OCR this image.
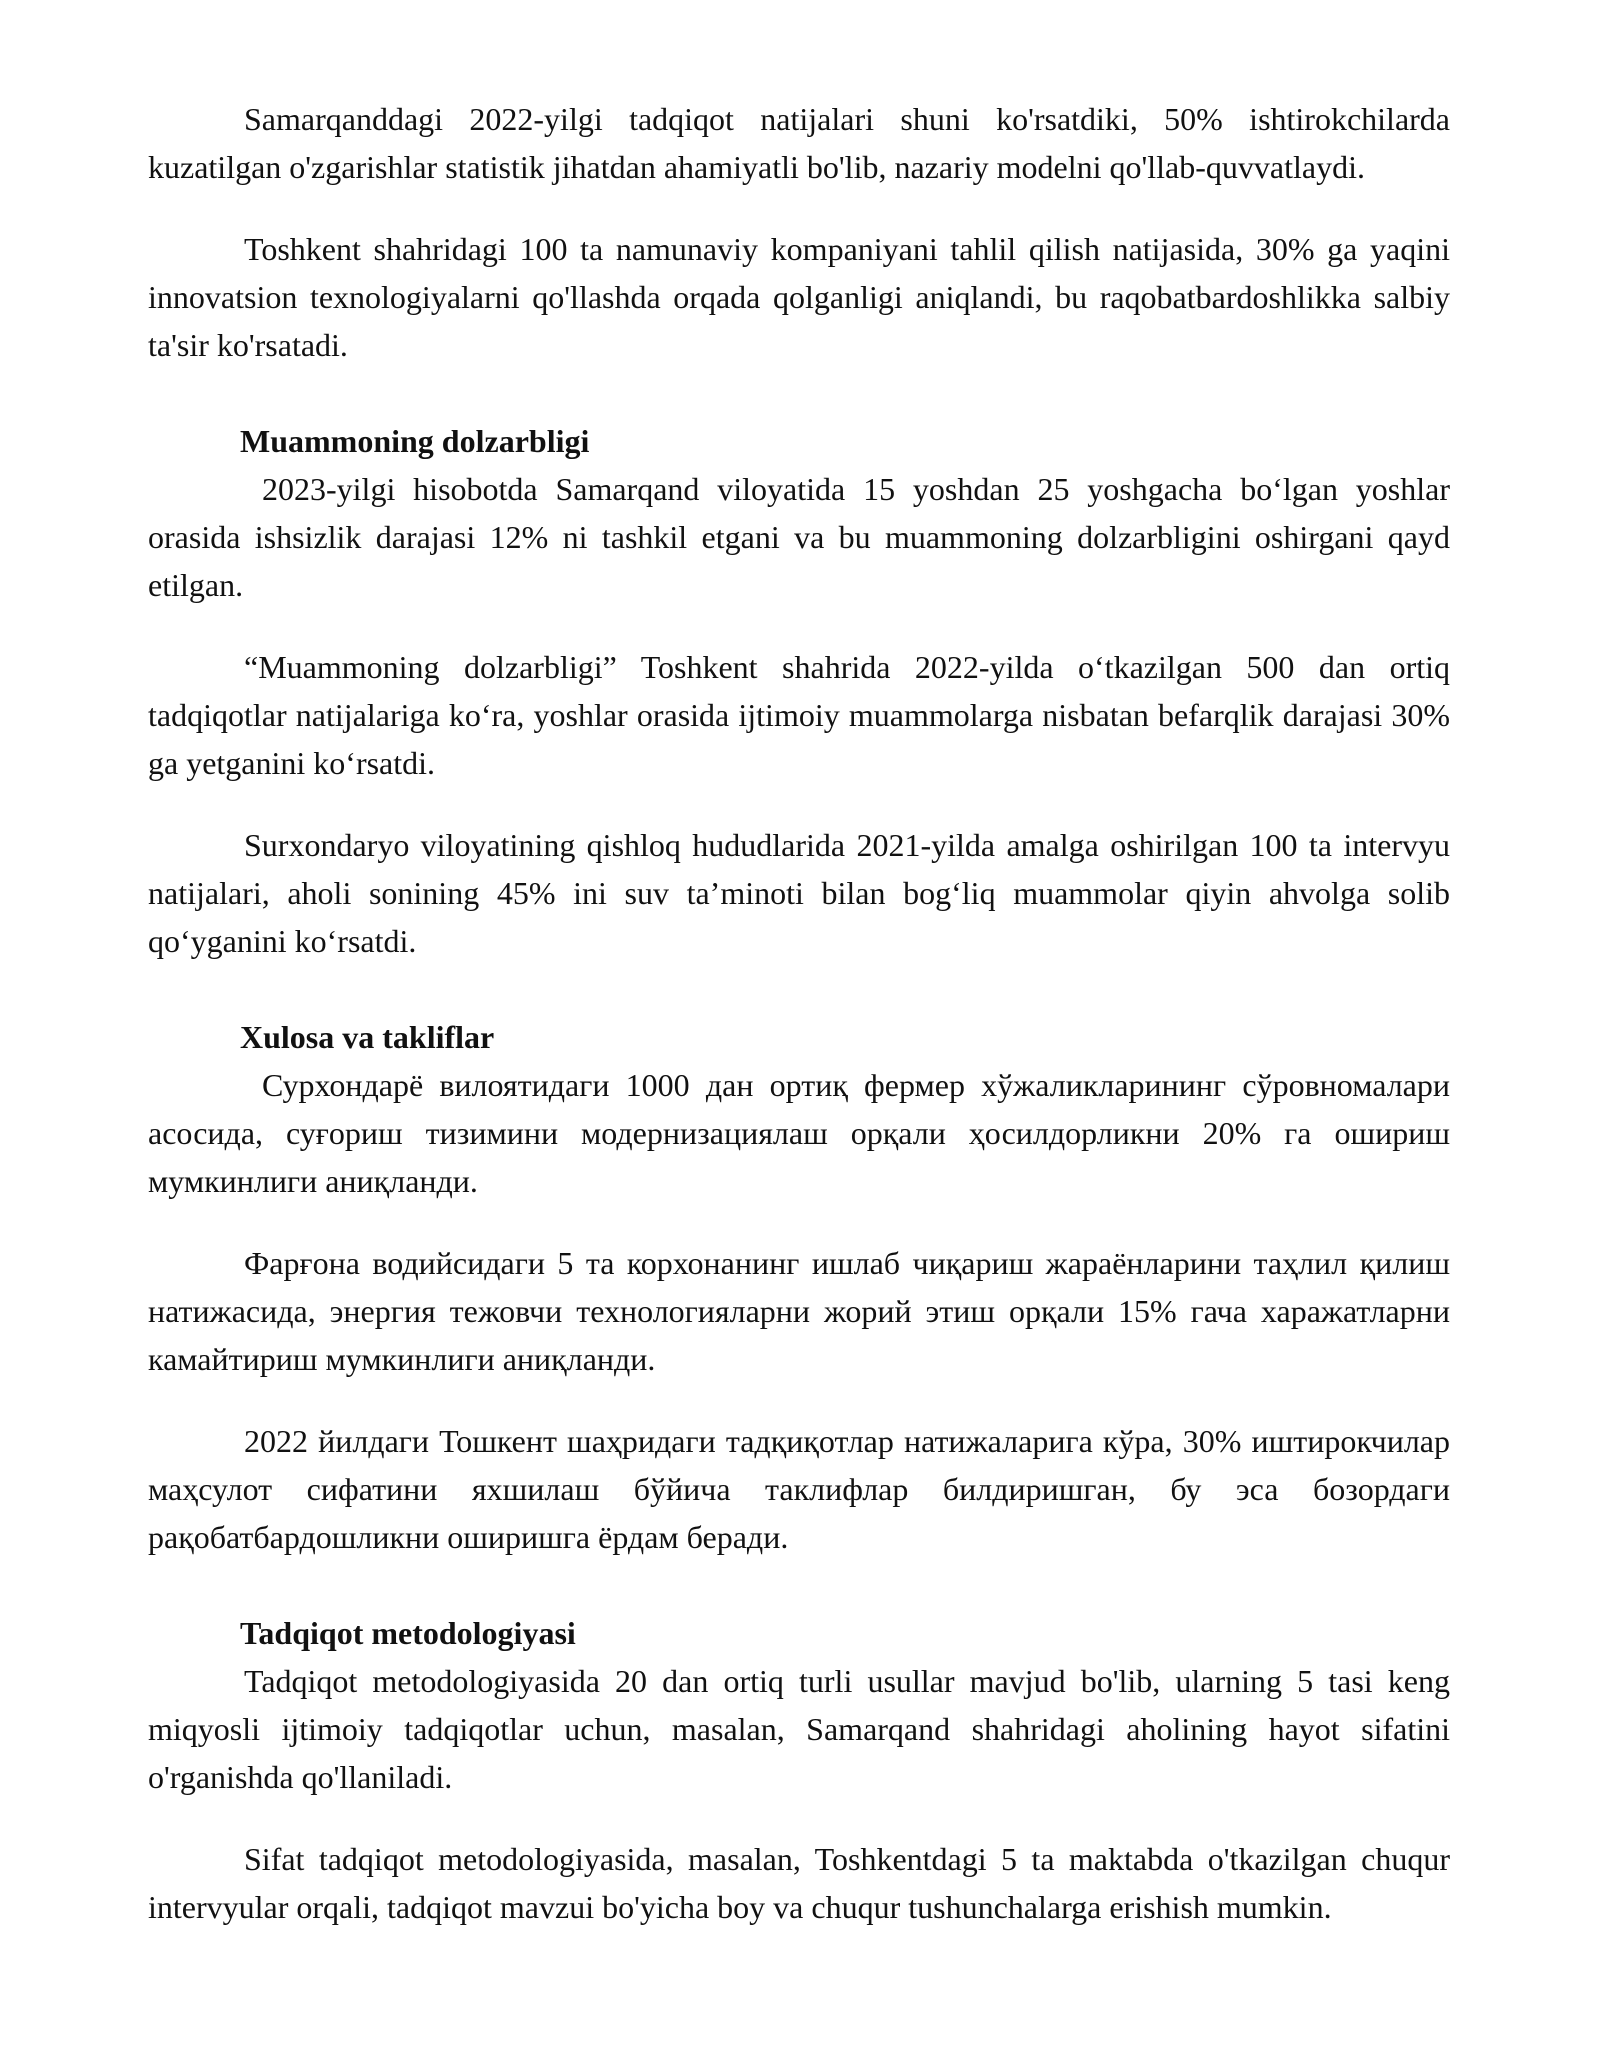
Samarqanddagi 2022-yilgi tadqiqot natijalari shuni ko'rsatdiki, 50% ishtirokchilarda kuzatilgan o'zgarishlar statistik jihatdan ahamiyatli bo'lib, nazariy modelni qo'llab-quvvatlaydi.

Toshkent shahridagi 100 ta namunaviy kompaniyani tahlil qilish natijasida, 30% ga yaqini innovatsion texnologiyalarni qo'llashda orqada qolganligi aniqlandi, bu raqobatbardoshlikka salbiy ta'sir ko'rsatadi.

Muammoning dolzarbligi

2023-yilgi hisobotda Samarqand viloyatida 15 yoshdan 25 yoshgacha bo‘lgan yoshlar orasida ishsizlik darajasi 12% ni tashkil etgani va bu muammoning dolzarbligini oshirgani qayd etilgan.

“Muammoning dolzarbligi” Toshkent shahrida 2022-yilda o‘tkazilgan 500 dan ortiq tadqiqotlar natijalariga ko‘ra, yoshlar orasida ijtimoiy muammolarga nisbatan befarqlik darajasi 30% ga yetganini ko‘rsatdi.

Surxondaryo viloyatining qishloq hududlarida 2021-yilda amalga oshirilgan 100 ta intervyu natijalari, aholi sonining 45% ini suv ta’minoti bilan bog‘liq muammolar qiyin ahvolga solib qo‘yganini ko‘rsatdi.

Xulosa va takliflar

Сурхондарё вилоятидаги 1000 дан ортиқ фермер хўжаликларининг сўровномалари асосида, суғориш тизимини модернизациялаш орқали ҳосилдорликни 20% га ошириш мумкинлиги аниқланди.

Фарғона водийсидаги 5 та корхонанинг ишлаб чиқариш жараёнларини таҳлил қилиш натижасида, энергия тежовчи технологияларни жорий этиш орқали 15% гача харажатларни камайтириш мумкинлиги аниқланди.

2022 йилдаги Тошкент шаҳридаги тадқиқотлар натижаларига кўра, 30% иштирокчилар маҳсулот сифатини яхшилаш бўйича таклифлар билдиришган, бу эса бозордаги рақобатбардошликни оширишга ёрдам беради.

Tadqiqot metodologiyasi

Tadqiqot metodologiyasida 20 dan ortiq turli usullar mavjud bo'lib, ularning 5 tasi keng miqyosli ijtimoiy tadqiqotlar uchun, masalan, Samarqand shahridagi aholining hayot sifatini o'rganishda qo'llaniladi.

Sifat tadqiqot metodologiyasida, masalan, Toshkentdagi 5 ta maktabda o'tkazilgan chuqur intervyular orqali, tadqiqot mavzui bo'yicha boy va chuqur tushunchalarga erishish mumkin.
